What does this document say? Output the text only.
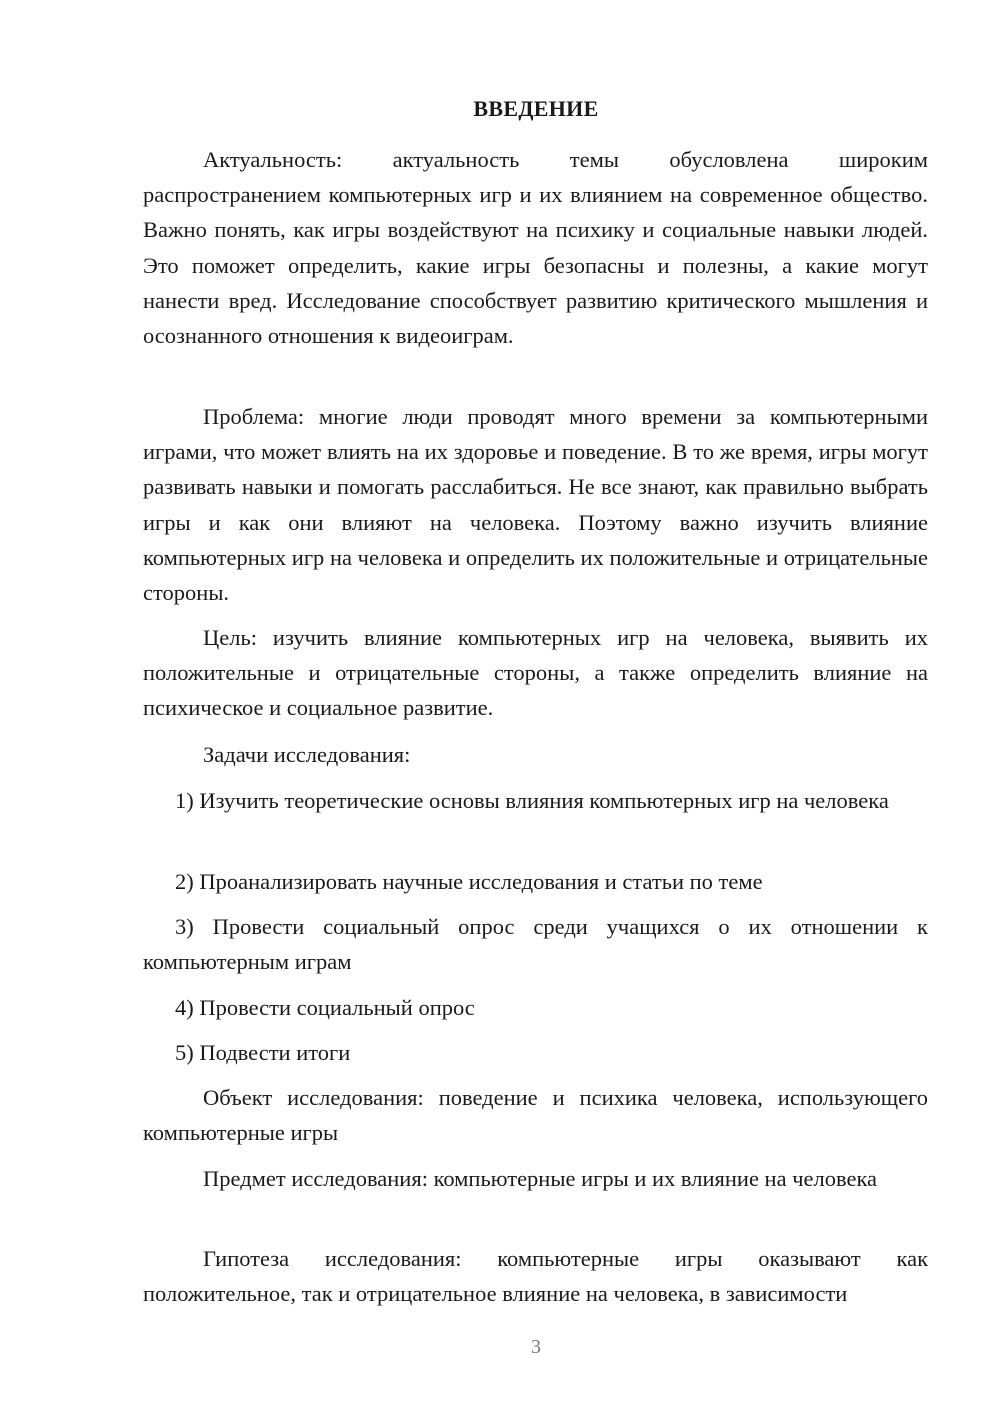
ВВЕДЕНИЕ

Актуальность: актуальность темы обусловлена широким распространением компьютерных игр и их влиянием на современное общество. Важно понять, как игры воздействуют на психику и социальные навыки людей. Это поможет определить, какие игры безопасны и полезны, а какие могут нанести вред. Исследование способствует развитию критического мышления и осознанного отношения к видеоиграм.

Проблема: многие люди проводят много времени за компьютерными играми, что может влиять на их здоровье и поведение. В то же время, игры могут развивать навыки и помогать расслабиться. Не все знают, как правильно выбрать игры и как они влияют на человека. Поэтому важно изучить влияние компьютерных игр на человека и определить их положительные и отрицательные стороны.

Цель: изучить влияние компьютерных игр на человека, выявить их положительные и отрицательные стороны, а также определить влияние на психическое и социальное развитие.

Задачи исследования:

1) Изучить теоретические основы влияния компьютерных игр на человека

2) Проанализировать научные исследования и статьи по теме

3) Провести социальный опрос среди учащихся о их отношении к компьютерным играм

4) Провести социальный опрос

5) Подвести итоги

Объект исследования: поведение и психика человека, использующего компьютерные игры

Предмет исследования: компьютерные игры и их влияние на человека

Гипотеза исследования: компьютерные игры оказывают как положительное, так и отрицательное влияние на человека, в зависимости

3
